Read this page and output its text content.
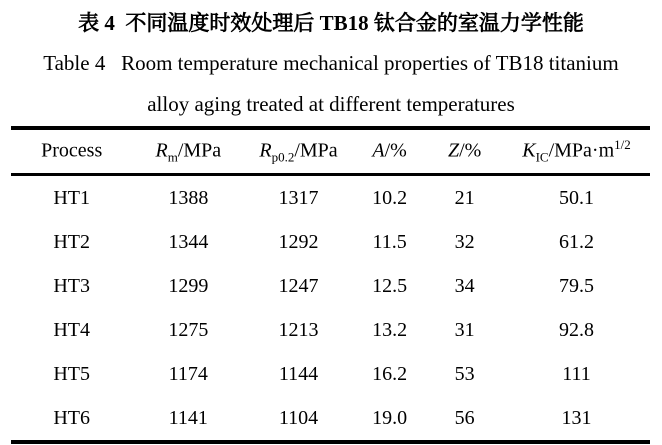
表 4  不同温度时效处理后 TB18 钛合金的室温力学性能
Table 4   Room temperature mechanical properties of TB18 titanium
alloy aging treated at different temperatures
Process	$R_m$/MPa	$R_{p0.2}$/MPa	A/%	Z/%	$K_{IC}/MPa\cdot m^{1/2}$
HT1	1388	1317	10.2	21	50.1
HT2	1344	1292	11.5	32	61.2
HT3	1299	1247	12.5	34	79.5
HT4	1275	1213	13.2	31	92.8
HT5	1174	1144	16.2	53	111
HT6	1141	1104	19.0	56	131
